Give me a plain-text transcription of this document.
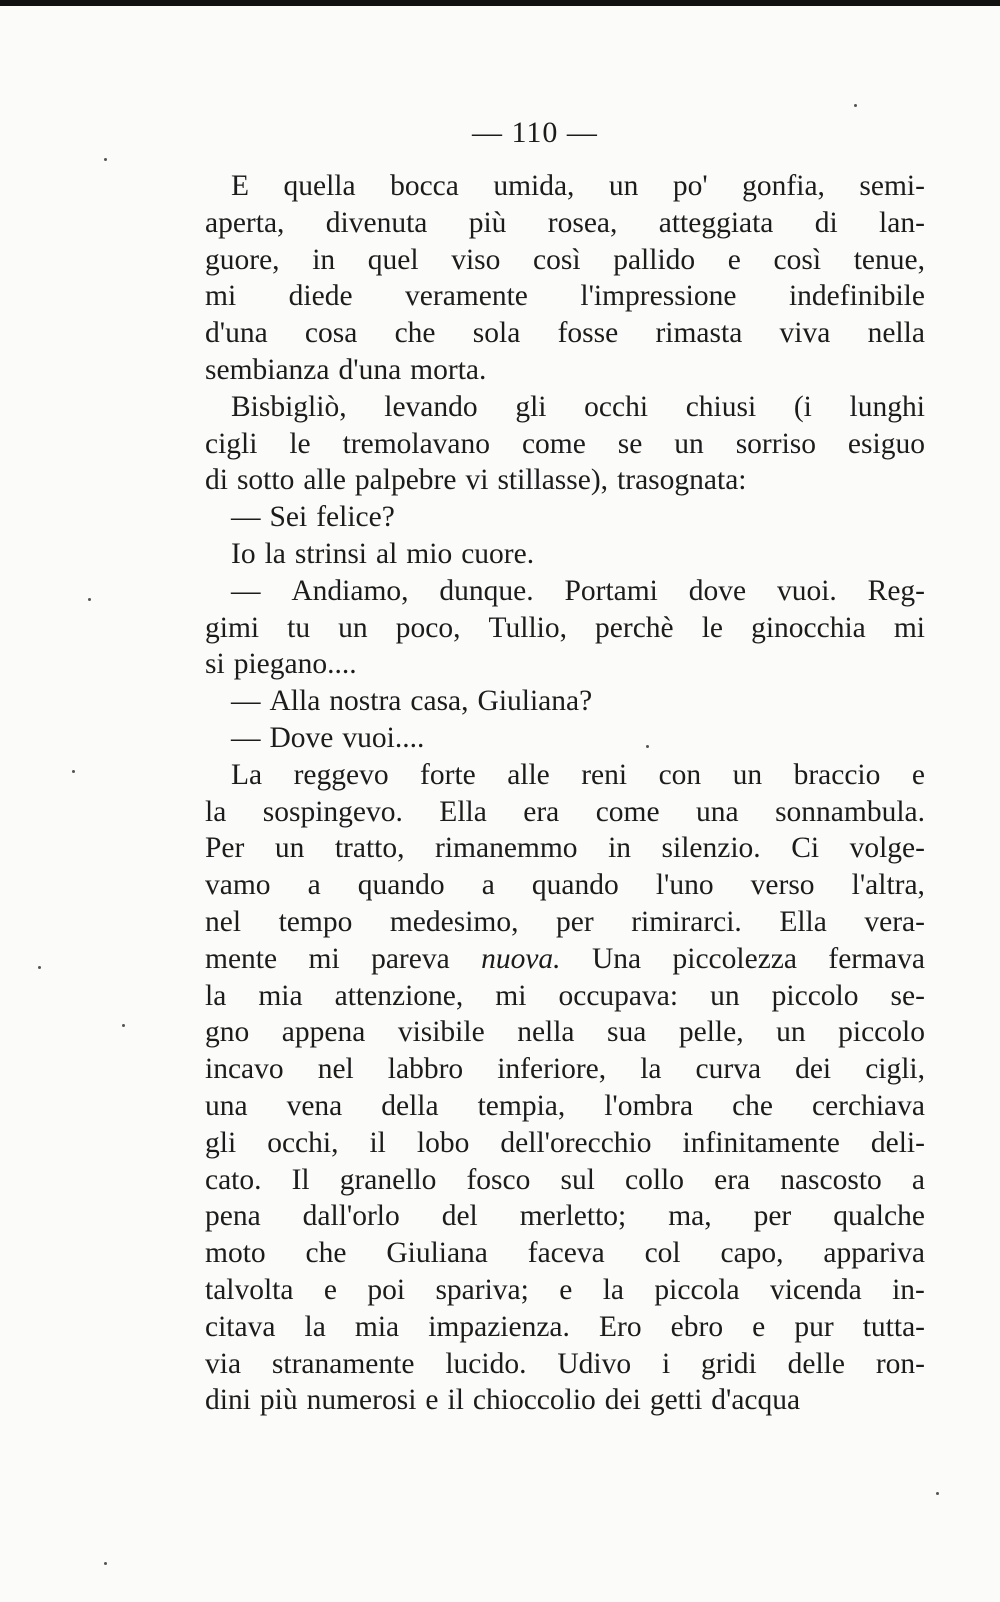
— 110 —
E quella bocca umida, un po' gonfia, semi-
aperta, divenuta più rosea, atteggiata di lan-
guore, in quel viso così pallido e così tenue,
mi diede veramente l'impressione indefinibile
d'una cosa che sola fosse rimasta viva nella
sembianza d'una morta.
Bisbigliò, levando gli occhi chiusi (i lunghi
cigli le tremolavano come se un sorriso esiguo
di sotto alle palpebre vi stillasse), trasognata:
— Sei felice?
Io la strinsi al mio cuore.
— Andiamo, dunque. Portami dove vuoi. Reg-
gimi tu un poco, Tullio, perchè le ginocchia mi
si piegano....
— Alla nostra casa, Giuliana?
— Dove vuoi....
La reggevo forte alle reni con un braccio e
la sospingevo. Ella era come una sonnambula.
Per un tratto, rimanemmo in silenzio. Ci volge-
vamo a quando a quando l'uno verso l'altra,
nel tempo medesimo, per rimirarci. Ella vera-
mente mi pareva nuova. Una piccolezza fermava
la mia attenzione, mi occupava: un piccolo se-
gno appena visibile nella sua pelle, un piccolo
incavo nel labbro inferiore, la curva dei cigli,
una vena della tempia, l'ombra che cerchiava
gli occhi, il lobo dell'orecchio infinitamente deli-
cato. Il granello fosco sul collo era nascosto a
pena dall'orlo del merletto; ma, per qualche
moto che Giuliana faceva col capo, appariva
talvolta e poi spariva; e la piccola vicenda in-
citava la mia impazienza. Ero ebro e pur tutta-
via stranamente lucido. Udivo i gridi delle ron-
dini più numerosi e il chioccolio dei getti d'acqua
